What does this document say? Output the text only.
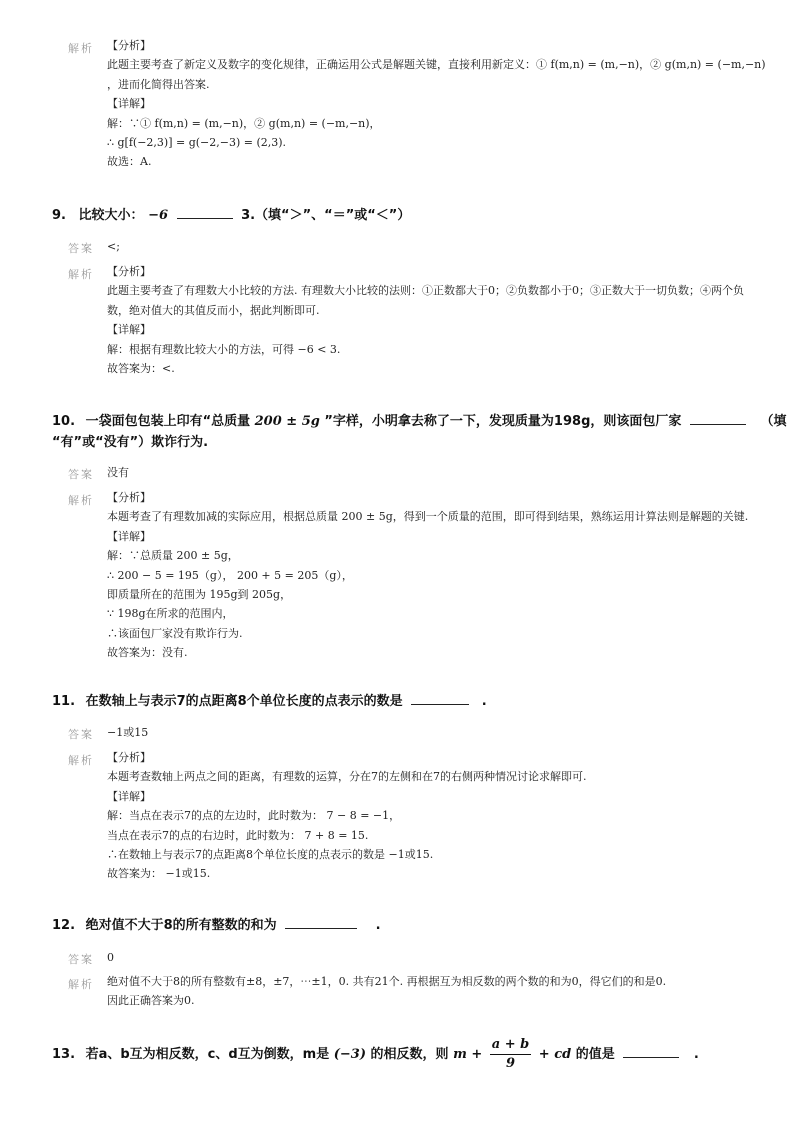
解析 【分析】
此题主要考查了新定义及数字的变化规律，正确运用公式是解题关键，直接利用新定义：① f(m,n) = (m,−n)，② g(m,n) = (−m,−n)
，进而化简得出答案.
【详解】
解：∵① f(m,n) = (m,−n)，② g(m,n) = (−m,−n)，
∴ g[f(−2,3)] = g(−2,−3) = (2,3).
故选：A.
9. 比较大小： −6	3.（填“＞”、“＝”或“＜”）
答案 <;
解析 【分析】
此题主要考查了有理数大小比较的方法. 有理数大小比较的法则：①正数都大于0；②负数都小于0；③正数大于一切负数；④两个负
数，绝对值大的其值反而小，据此判断即可.
【详解】
解：根据有理数比较大小的方法，可得 −6 < 3.
故答案为：<.
10. 一袋面包包装上印有“总质量 200 ± 5g ”字样，小明拿去称了一下，发现质量为198g，则该面包厂家	（填
“有”或“没有”）欺诈行为.
答案 没有
解析 【分析】
本题考查了有理数加减的实际应用，根据总质量 200 ± 5g，得到一个质量的范围，即可得到结果，熟练运用计算法则是解题的关键.
【详解】
解：∵总质量 200 ± 5g，
∴ 200 − 5 = 195（g）， 200 + 5 = 205（g），
即质量所在的范围为 195g到 205g，
∵ 198g在所求的范围内，
∴该面包厂家没有欺诈行为.
故答案为：没有.
11. 在数轴上与表示7的点距离8个单位长度的点表示的数是	.
答案 −1或15
解析 【分析】
本题考查数轴上两点之间的距离，有理数的运算，分在7的左侧和在7的右侧两种情况讨论求解即可.
【详解】
解：当点在表示7的点的左边时，此时数为： 7 − 8 = −1，
当点在表示7的点的右边时，此时数为： 7 + 8 = 15.
∴在数轴上与表示7的点距离8个单位长度的点表示的数是 −1或15.
故答案为： −1或15.
12. 绝对值不大于8的所有整数的和为	.
答案 0
解析 绝对值不大于8的所有整数有±8，±7，⋯±1，0. 共有21个. 再根据互为相反数的两个数的和为0，得它们的和是0.
因此正确答案为0.
13. 若a、b互为相反数，c、d互为倒数，m是 (−3) 的相反数，则 $m + \frac{a + b}{9}$ + cd 的值是	.
